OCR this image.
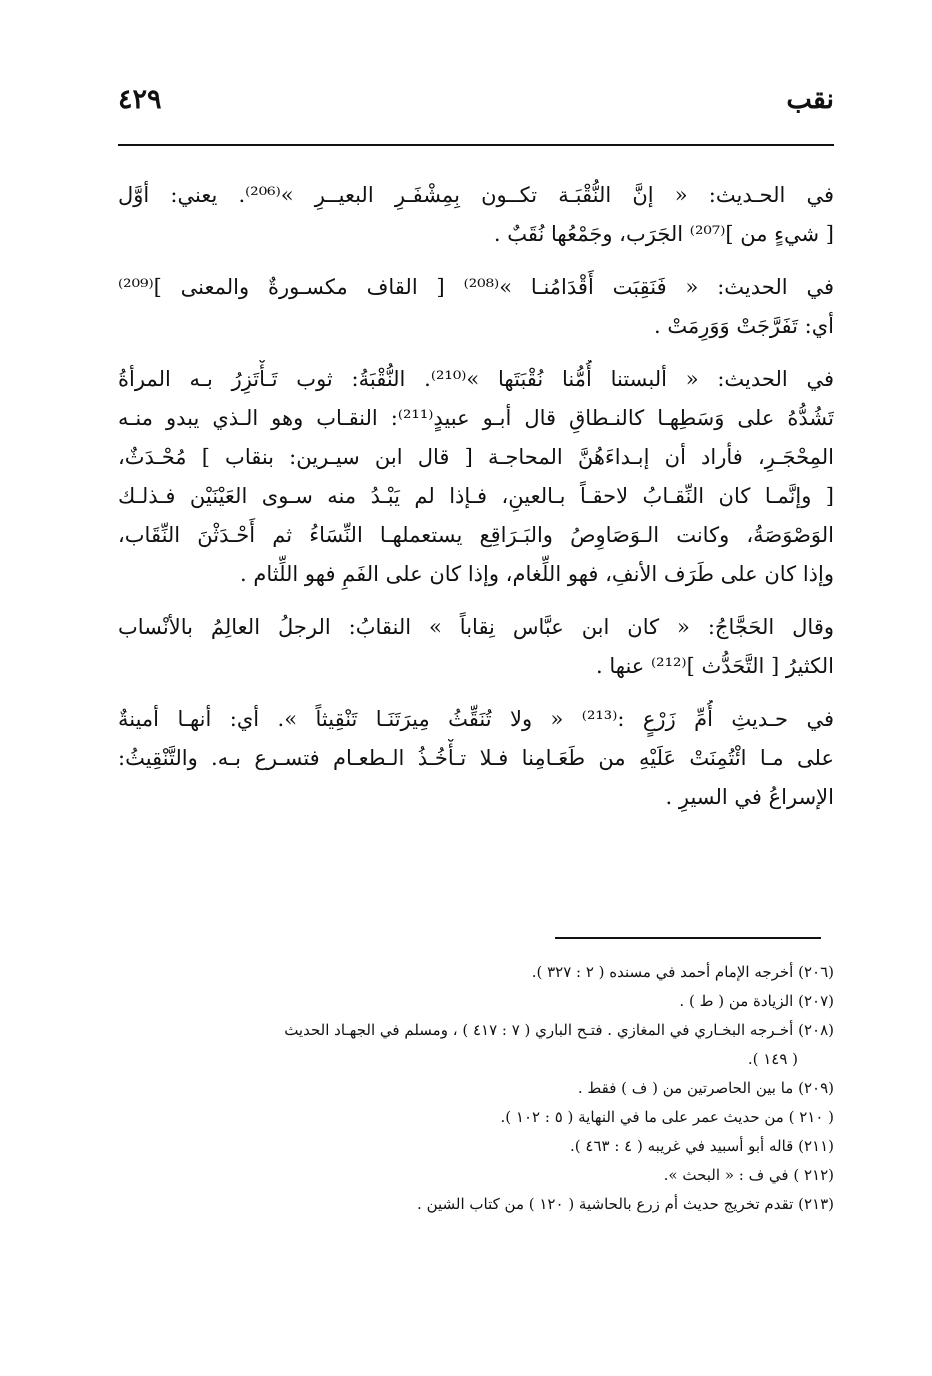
نقب
٤٢٩

في الحـديث: « إنَّ النُّقْبَـة تكــون بِمِشْفَـرِ البعيــرِ »⁽²⁰⁶⁾. يعني: أوَّل
[ شيءٍ من ]⁽²⁰⁷⁾ الجَرَب، وجَمْعُها نُقَبٌ .

في الحديث: « فَنَقِبَت أَقْدَامُنـا »⁽²⁰⁸⁾ [ القاف مكسـورةٌ والمعنى ]⁽²⁰⁹⁾
أي: تَفَرَّجَتْ وَوَرِمَتْ .

في الحديث: « ألبستنا أُمُّنا نُقْبَتَها »⁽²¹⁰⁾. النُّقْبَةُ: ثوب تَـأْتَزِرُ بـه المرأةُ
تَشُدُّهُ على وَسَطِهـا كالنـطاقِ قال أبـو عبيدٍ⁽²¹¹⁾: النقـاب وهو الـذي يبدو منـه
المِحْجَـرِ، فأراد أن إبـداءَهُنَّ المحاجـة [ قال ابن سيـرين: بنقاب ] مُحْـدَثٌ،
[ وإنَّمـا كان النِّقـابُ لاحقـاً بـالعينِ، فـإذا لم يَبْـدُ منه سـوى العَيْنَيْن فـذلـك
الوَصْوَصَةُ، وكانت الـوَصَاوِصُ والبَـرَاقِع يستعملهـا النِّسَاءُ ثم أَحْـدَثْنَ النِّقَاب،
وإذا كان على طَرَف الأنفِ، فهو اللِّغام، وإذا كان على الفَمِ فهو اللِّثام .

وقال الحَجَّاجُ: « كان ابن عبَّاس نِقاباً » النقابُ: الرجلُ العالِمُ بالأنْساب
الكثيرُ [ التَّحَدُّث ]⁽²¹²⁾ عنها .

في حـديثِ أُمِّ زَرْعٍ :⁽²¹³⁾ « ولا تُنَقِّثُ مِيرَتَنَـا تَنْقِيثاً ». أي: أنهـا أمينةٌ
على مـا ائْتُمِنَتْ عَلَيْهِ من طَعَـامِنا فـلا تـأْخُـذُ الـطعـام فتسـرع بـه. والتَّنْقِيثُ:
الإسراعُ في السيرِ .

(٢٠٦) أخرجه الإمام أحمد في مسنده ( ٢ : ٣٢٧ ).
(٢٠٧) الزيادة من ( ط ) .
(٢٠٨) أخـرجه البخـاري في المغازي . فتـح الباري ( ٧ : ٤١٧ ) ، ومسلم في الجهـاد الحديث
( ١٤٩ ).
(٢٠٩) ما بين الحاصرتين من ( ف ) فقط .
( ٢١٠ ) من حديث عمر على ما في النهاية ( ٥ : ١٠٢ ).
(٢١١) قاله أبو أسبيد في غريبه ( ٤ : ٤٦٣ ).
(٢١٢ ) في ف : « البحث ».
(٢١٣) تقدم تخريج حديث أم زرع بالحاشية ( ١٢٠ ) من كتاب الشين .
